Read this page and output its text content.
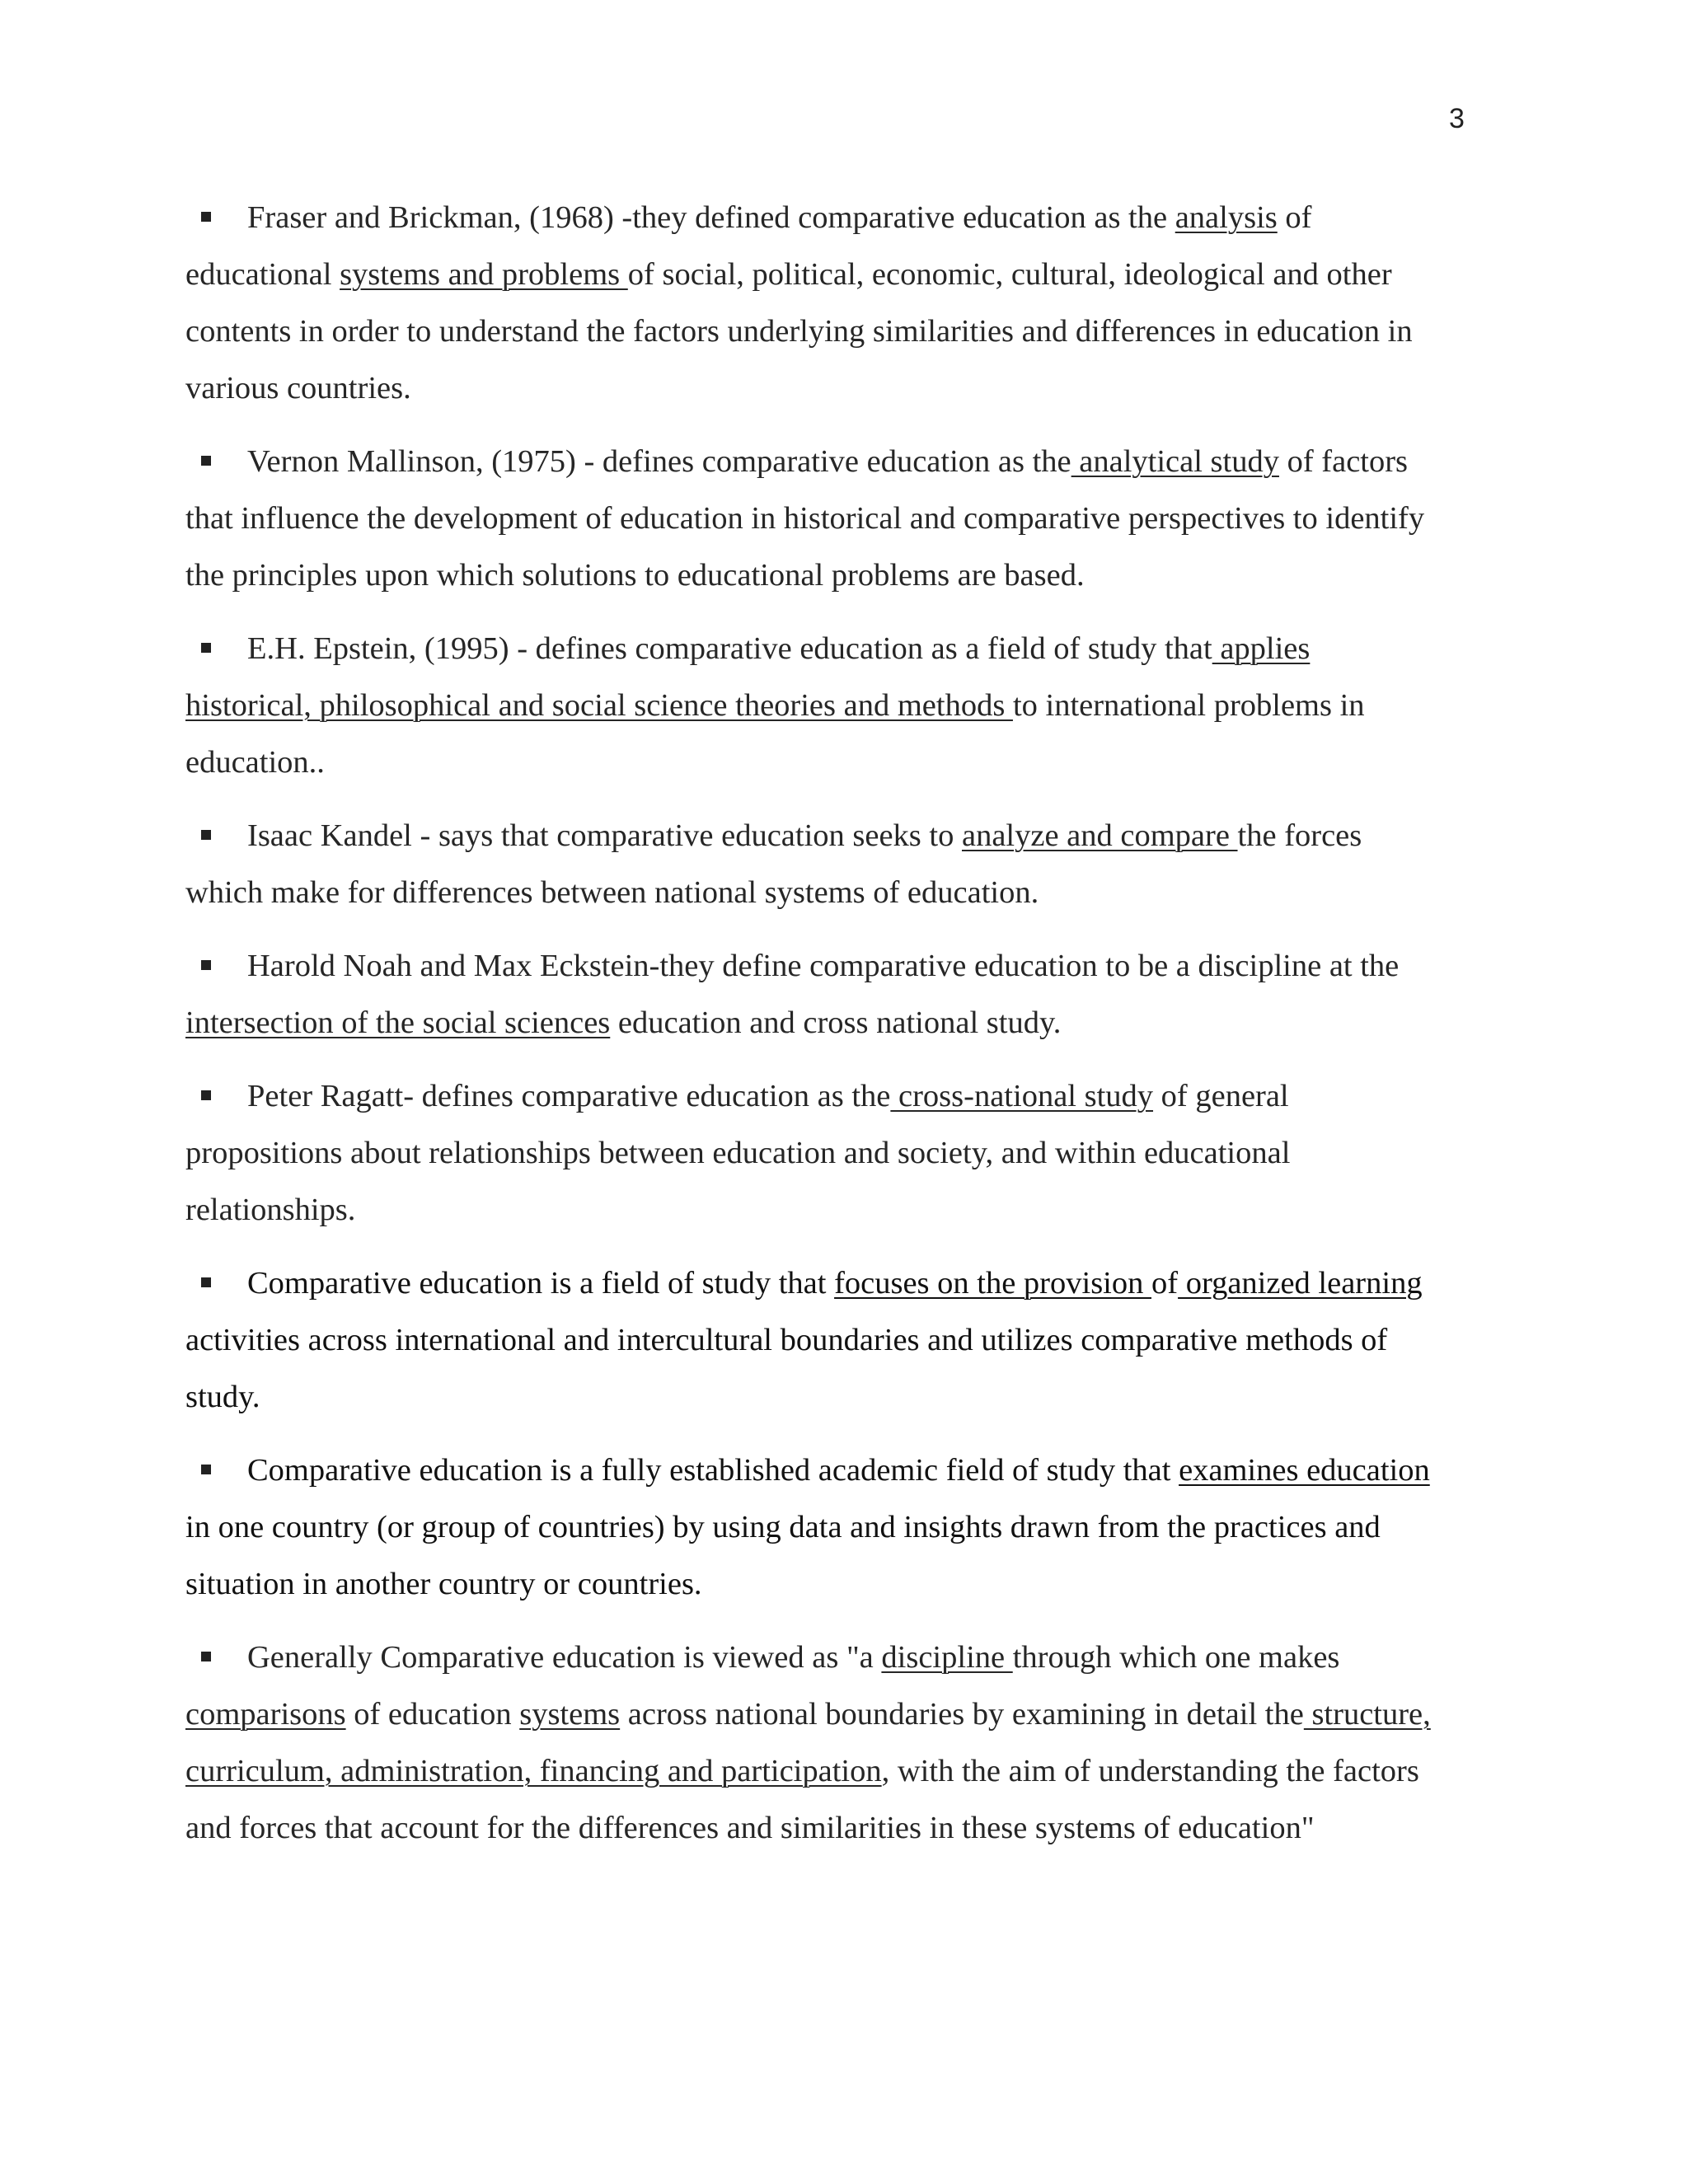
3
Fraser and Brickman, (1968) -they defined comparative education as the analysis of
educational systems and problems of social, political, economic, cultural, ideological and other
contents in order to understand the factors underlying similarities and differences in education in
various countries.
Vernon Mallinson, (1975) - defines comparative education as the analytical study of factors
that influence the development of education in historical and comparative perspectives to identify
the principles upon which solutions to educational problems are based.
E.H. Epstein, (1995) - defines comparative education as a field of study that applies
historical, philosophical and social science theories and methods to international problems in
education..
Isaac Kandel - says that comparative education seeks to analyze and compare the forces
which make for differences between national systems of education.
Harold Noah and Max Eckstein-they define comparative education to be a discipline at the
intersection of the social sciences education and cross national study.
Peter Ragatt- defines comparative education as the cross-national study of general
propositions about relationships between education and society, and within educational
relationships.
Comparative education is a field of study that focuses on the provision of organized learning
activities across international and intercultural boundaries and utilizes comparative methods of
study.
Comparative education is a fully established academic field of study that examines education
in one country (or group of countries) by using data and insights drawn from the practices and
situation in another country or countries.
Generally Comparative education is viewed as "a discipline through which one makes
comparisons of education systems across national boundaries by examining in detail the structure,
curriculum, administration, financing and participation, with the aim of understanding the factors
and forces that account for the differences and similarities in these systems of education"
